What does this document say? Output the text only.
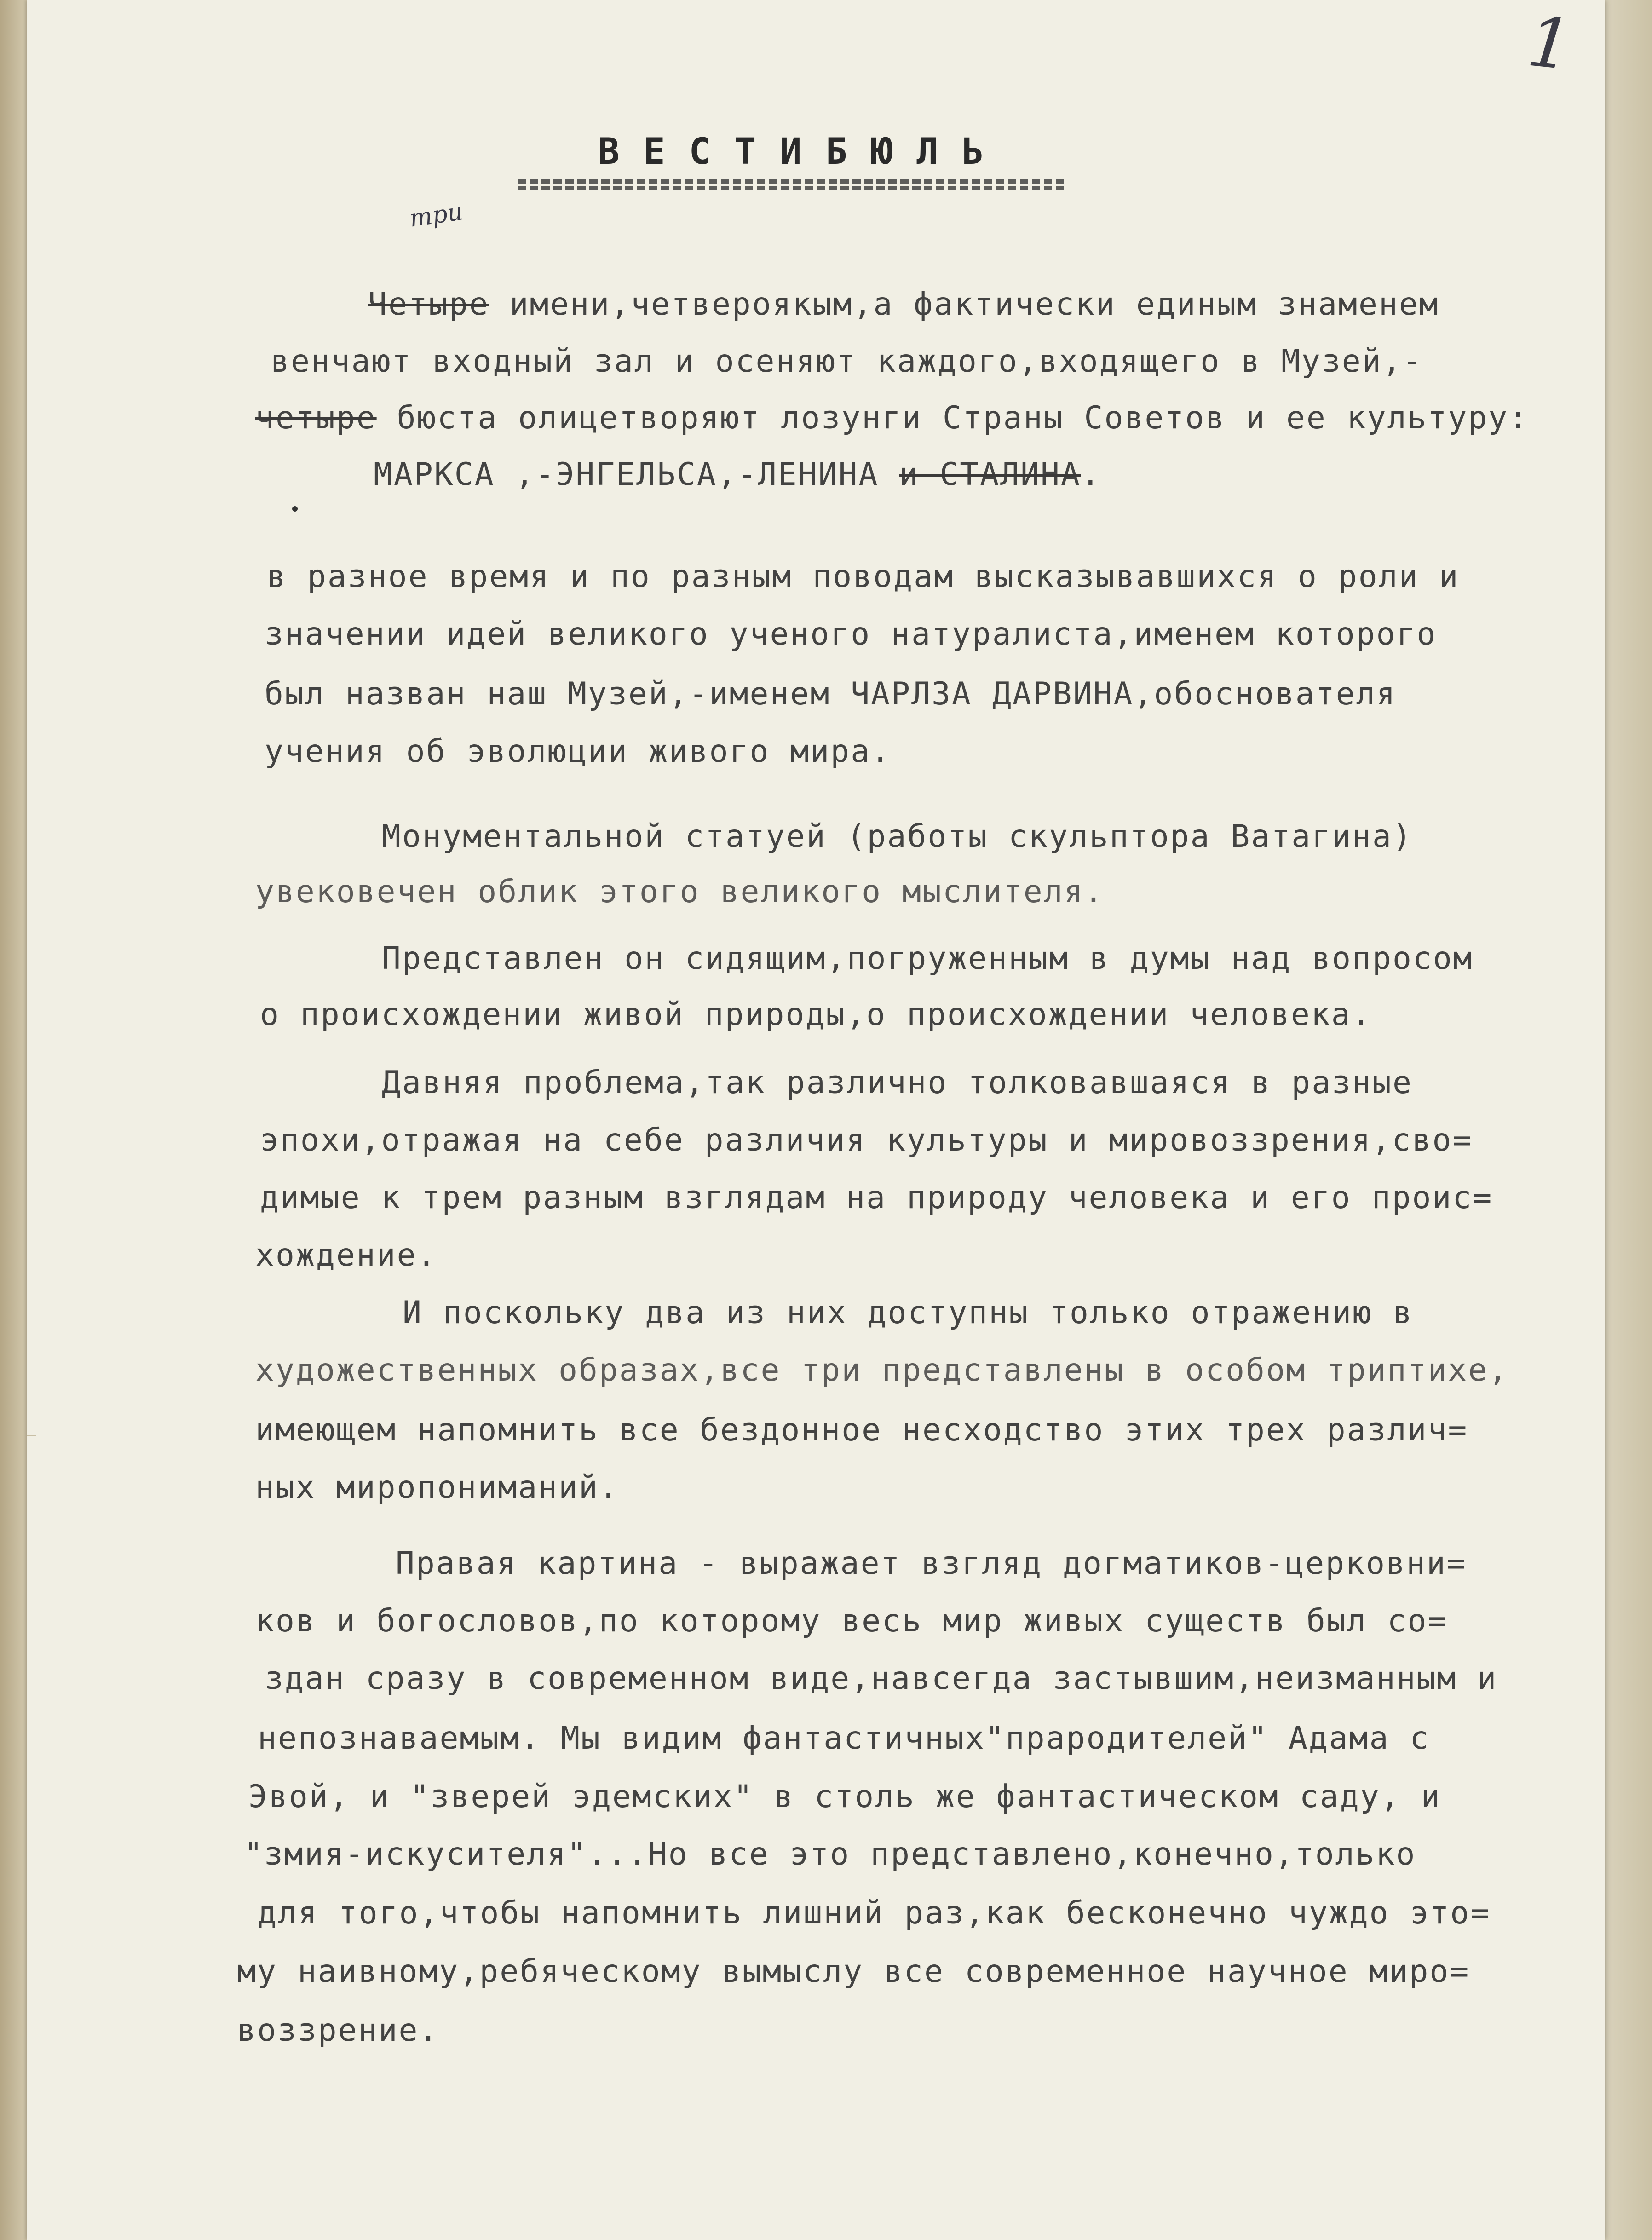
1
ВЕСТИБЮЛЬ
три
Четыре имени,четвероякым,а фактически единым знаменем
венчают входный зал и осеняют каждого,входящего в Музей,-
четыре бюста олицетворяют лозунги Страны Советов и ее культуру:
МАРКСА ,-ЭНГЕЛЬСА,-ЛЕНИНА и СТАЛИНА.
в разное время и по разным поводам высказывавшихся о роли и
значении идей великого ученого натуралиста,именем которого
был назван наш Музей,-именем ЧАРЛЗА ДАРВИНА,обоснователя
учения об эволюции живого мира.
Монументальной статуей (работы скульптора Ватагина)
увековечен облик этого великого мыслителя.
Представлен он сидящим,погруженным в думы над вопросом
о происхождении живой природы,о происхождении человека.
Давняя проблема,так различно толковавшаяся в разные
эпохи,отражая на себе различия культуры и мировоззрения,сво=
димые к трем разным взглядам на природу человека и его проис=
хождение.
И поскольку два из них доступны только отражению в
художественных образах,все три представлены в особом триптихе,
имеющем напомнить все бездонное несходство этих трех различ=
ных миропониманий.
Правая картина - выражает взгляд догматиков-церковни=
ков и богословов,по которому весь мир живых существ был со=
здан сразу в современном виде,навсегда застывшим,неизманным и
непознаваемым. Мы видим фантастичных"прародителей" Адама с
Эвой, и "зверей эдемских" в столь же фантастическом саду, и
"змия-искусителя"...Но все это представлено,конечно,только
для того,чтобы напомнить лишний раз,как бесконечно чуждо это=
му наивному,ребяческому вымыслу все современное научное миро=
воззрение.
